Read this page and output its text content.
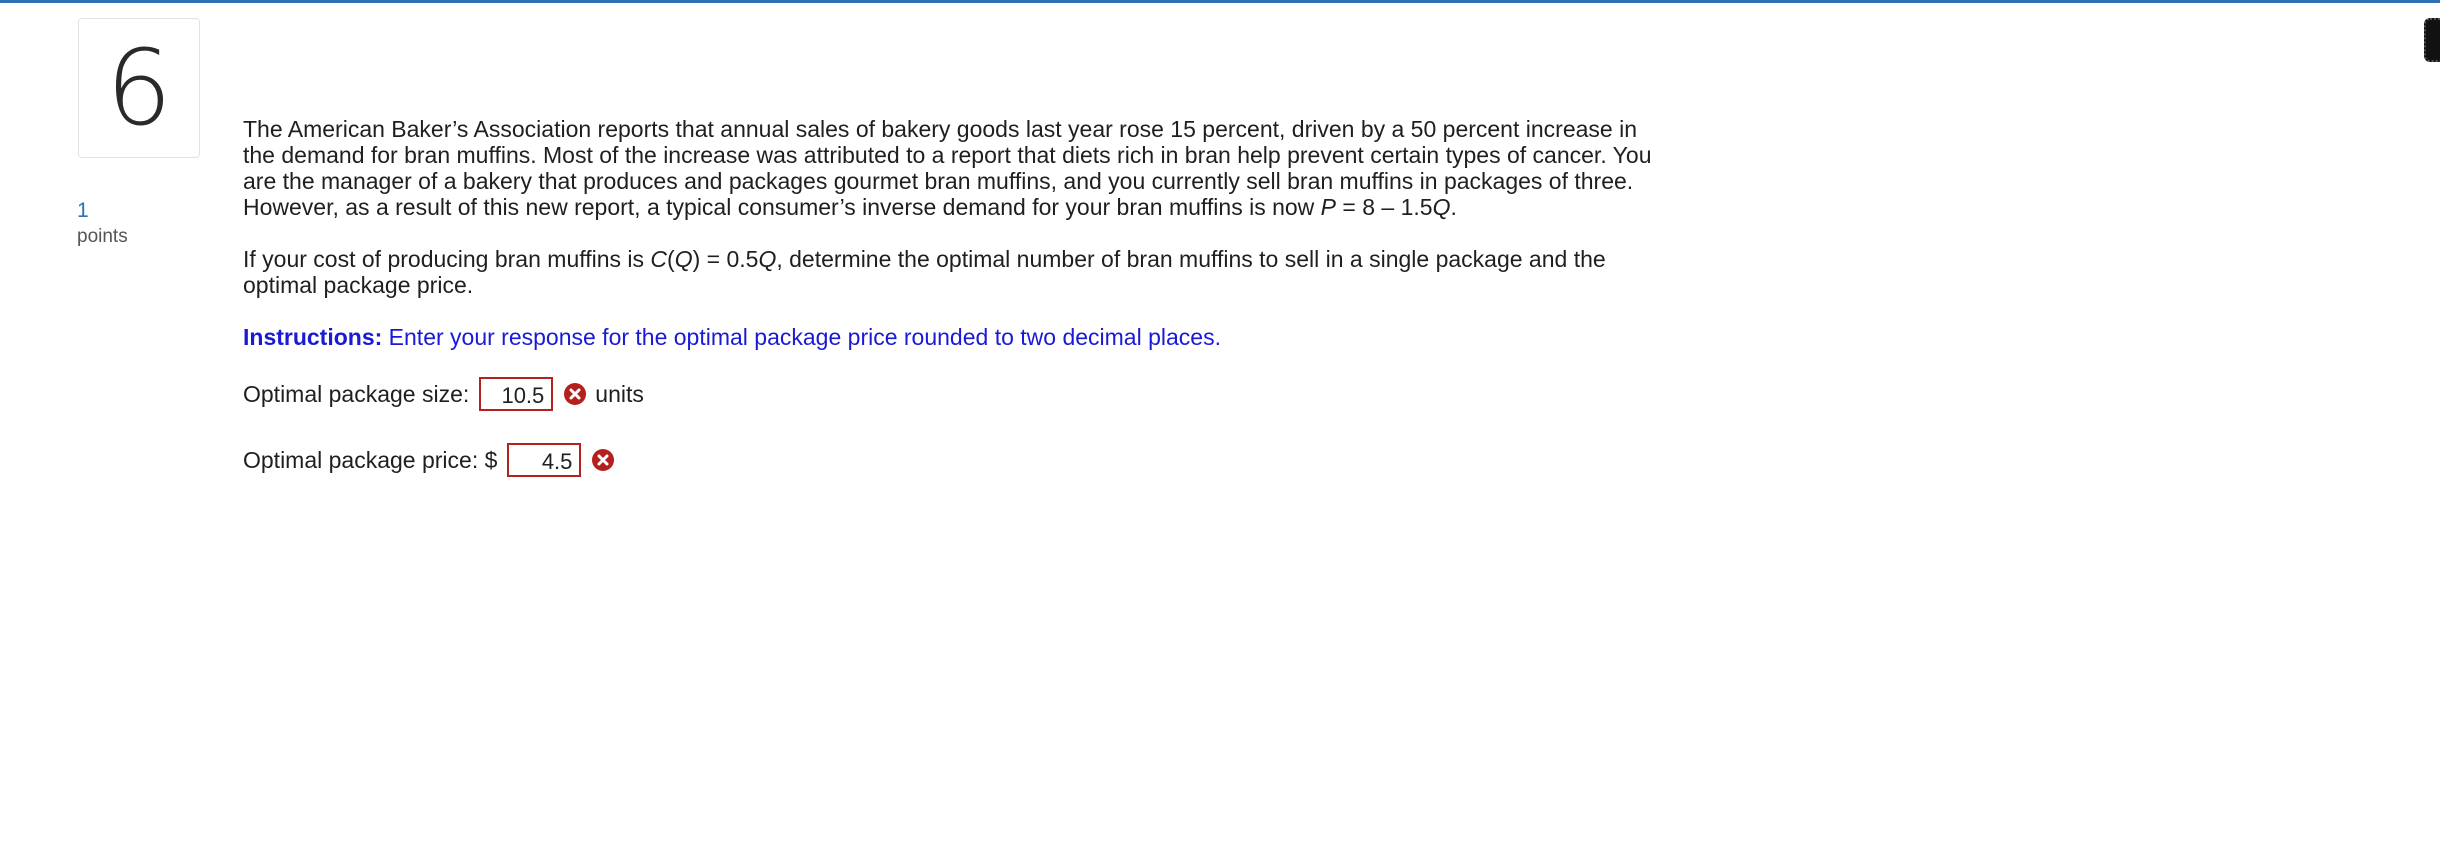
6
1
points

The American Baker’s Association reports that annual sales of bakery goods last year rose 15 percent, driven by a 50 percent increase in the demand for bran muffins. Most of the increase was attributed to a report that diets rich in bran help prevent certain types of cancer. You are the manager of a bakery that produces and packages gourmet bran muffins, and you currently sell bran muffins in packages of three. However, as a result of this new report, a typical consumer’s inverse demand for your bran muffins is now P = 8 – 1.5Q.

If your cost of producing bran muffins is C(Q) = 0.5Q, determine the optimal number of bran muffins to sell in a single package and the optimal package price.

Instructions: Enter your response for the optimal package price rounded to two decimal places.

Optimal package size:
10.5	units
Optimal package price: $
4.5
